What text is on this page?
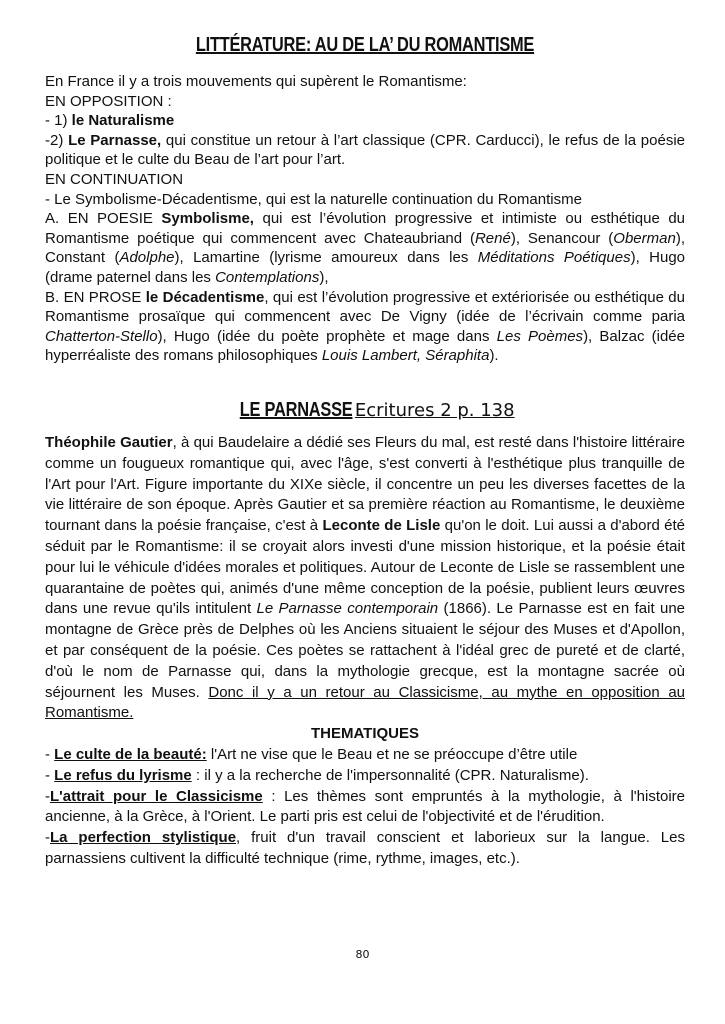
LITTÉRATURE: AU DE LA’ DU ROMANTISME

En France il y a trois mouvements qui supèrent le Romantisme:

EN OPPOSITION :

- 1) le Naturalisme

-2) Le Parnasse, qui constitue un retour à l’art classique (CPR. Carducci), le refus de la poésie politique et le culte du Beau de l’art pour l’art.

EN CONTINUATION

- Le Symbolisme-Décadentisme, qui est la naturelle continuation du Romantisme

A. EN POESIE Symbolisme, qui est l’évolution progressive et intimiste ou esthétique du Romantisme poétique qui commencent avec Chateaubriand (René), Senancour (Oberman), Constant (Adolphe), Lamartine (lyrisme amoureux dans les Méditations Poétiques), Hugo (drame paternel dans les Contemplations),

B. EN PROSE le Décadentisme, qui est l’évolution progressive et extériorisée ou esthétique du Romantisme prosaïque qui commencent avec De Vigny (idée de l’écrivain comme paria Chatterton-Stello), Hugo (idée du poète prophète et mage dans Les Poèmes), Balzac (idée hyperréaliste des romans philosophiques Louis Lambert, Séraphita).

LE PARNASSE Ecritures 2 p. 138

Théophile Gautier, à qui Baudelaire a dédié ses Fleurs du mal, est resté dans l'histoire littéraire comme un fougueux romantique qui, avec l'âge, s'est converti à l'esthétique plus tranquille de l'Art pour l'Art. Figure importante du XIXe siècle, il concentre un peu les diverses facettes de la vie littéraire de son époque. Après Gautier et sa première réaction au Romantisme, le deuxième tournant dans la poésie française, c'est à Leconte de Lisle qu'on le doit. Lui aussi a d'abord été séduit par le Romantisme: il se croyait alors investi d'une mission historique, et la poésie était pour lui le véhicule d'idées morales et politiques. Autour de Leconte de Lisle se rassemblent une quarantaine de poètes qui, animés d'une même conception de la poésie, publient leurs œuvres dans une revue qu'ils intitulent Le Parnasse contemporain (1866). Le Parnasse est en fait une montagne de Grèce près de Delphes où les Anciens situaient le séjour des Muses et d'Apollon, et par conséquent de la poésie. Ces poètes se rattachent à l'idéal grec de pureté et de clarté, d'où le nom de Parnasse qui, dans la mythologie grecque, est la montagne sacrée où séjournent les Muses. Donc il y a un retour au Classicisme, au mythe en opposition au Romantisme.THEMATIQUES

- Le culte de la beauté: l'Art ne vise que le Beau et ne se préoccupe d’être utile

- Le refus du lyrisme : il y a la recherche de l'impersonnalité (CPR. Naturalisme).

-L'attrait pour le Classicisme : Les thèmes sont empruntés à la mythologie, à l'histoire ancienne, à la Grèce, à l'Orient. Le parti pris est celui de l'objectivité et de l'érudition.

-La perfection stylistique, fruit d'un travail conscient et laborieux sur la langue. Les parnassiens cultivent la difficulté technique (rime, rythme, images, etc.).

80
